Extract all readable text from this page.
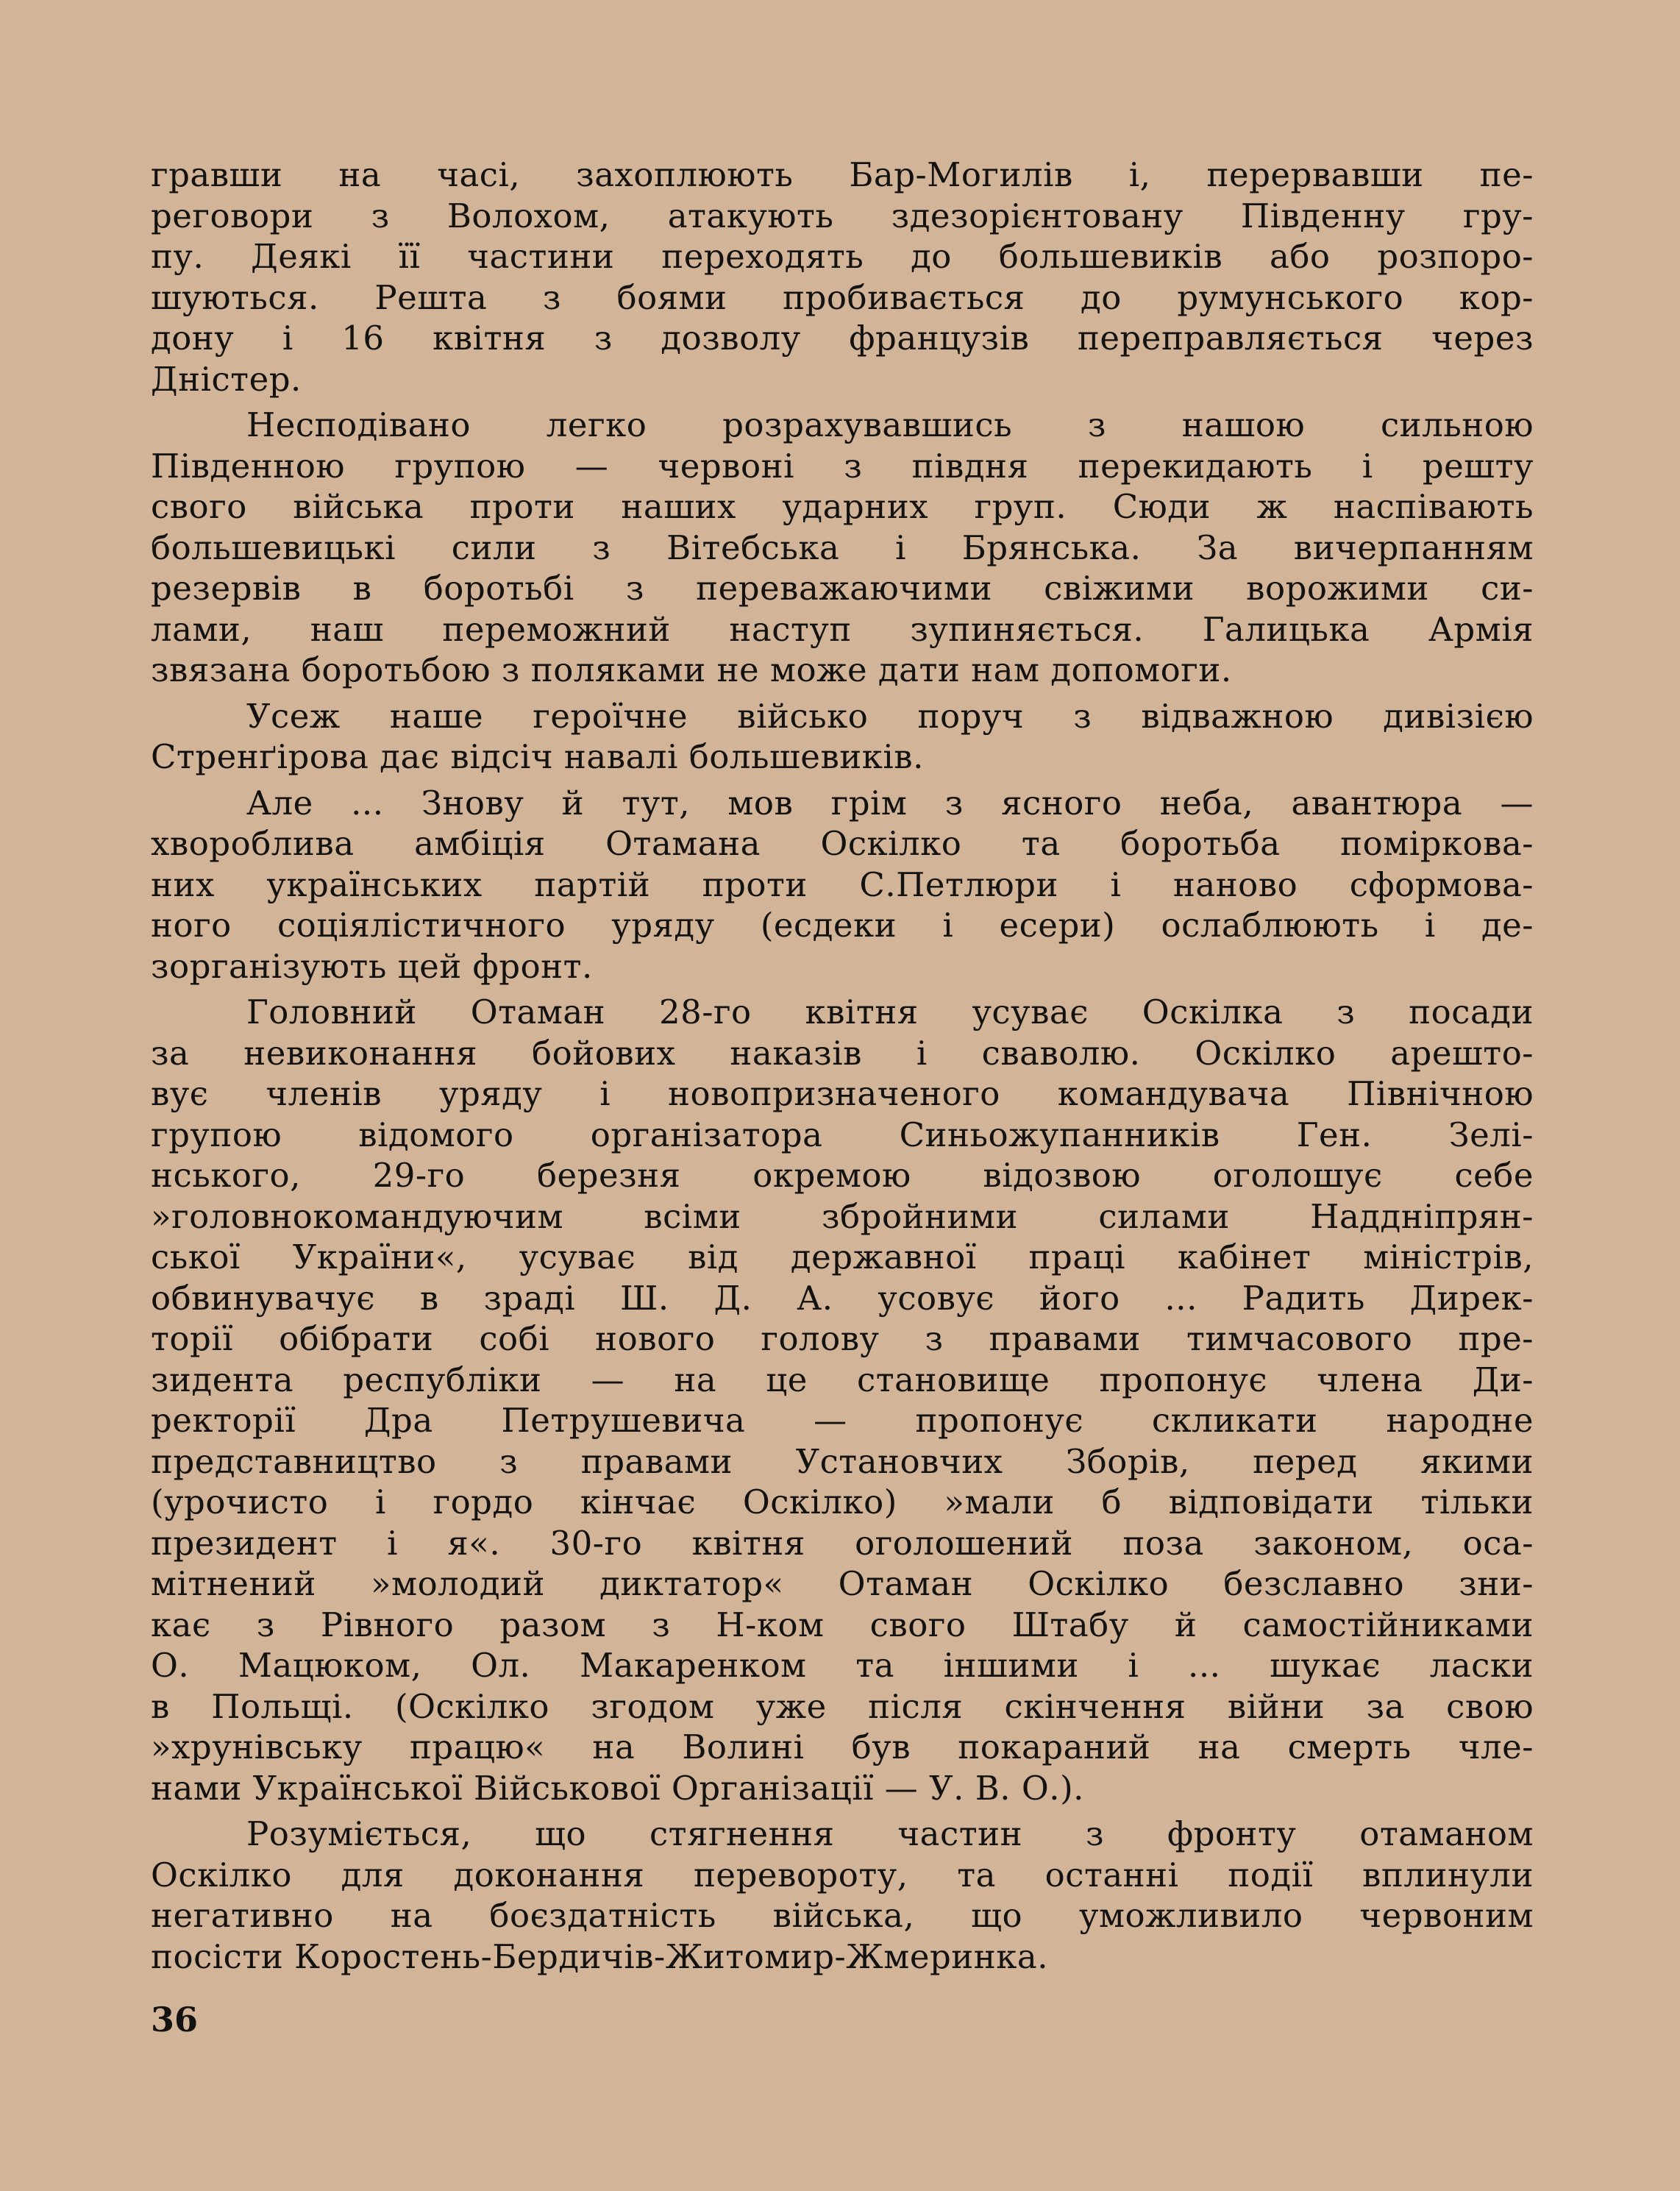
гравши на часі, захоплюють Бар-Могилів і, перервавши пе-
реговори з Волохом, атакують здезорієнтовану Південну гру-
пу. Деякі її частини переходять до большевиків або розпоро-
шуються. Решта з боями пробивається до румунського кор-
дону і 16 квітня з дозволу французів переправляється через
Дністер.
Несподівано легко розрахувавшись з нашою сильною
Південною групою — червоні з півдня перекидають і решту
свого війська проти наших ударних груп. Сюди ж наспівають
большевицькі сили з Вітебська і Брянська. За вичерпанням
резервів в боротьбі з переважаючими свіжими ворожими си-
лами, наш переможний наступ зупиняється. Галицька Армія
звязана боротьбою з поляками не може дати нам допомоги.
Усеж наше героїчне військо поруч з відважною дивізією
Стренґірова дає відсіч навалі большевиків.
Але ... Знову й тут, мов грім з ясного неба, авантюра —
хвороблива амбіція Отамана Оскілко та боротьба поміркова-
них українських партій проти С.Петлюри і наново сформова-
ного соціялістичного уряду (есдеки і есери) ослаблюють і де-
зорганізують цей фронт.
Головний Отаман 28-го квітня усуває Оскілка з посади
за невиконання бойових наказів і сваволю. Оскілко арешто-
вує членів уряду і новопризначеного командувача Північною
групою відомого організатора Синьожупанників Ген. Зелі-
нського, 29-го березня окремою відозвою оголошує себе
»головнокомандуючим всіми збройними силами Наддніпрян-
ської України«, усуває від державної праці кабінет міністрів,
обвинувачує в зраді Ш. Д. А. усовує його ... Радить Дирек-
торії обібрати собі нового голову з правами тимчасового пре-
зидента республіки — на це становище пропонує члена Ди-
ректорії Дра Петрушевича — пропонує скликати народне
представництво з правами Установчих Зборів, перед якими
(урочисто і гордо кінчає Оскілко) »мали б відповідати тільки
президент і я«. 30-го квітня оголошений поза законом, оса-
мітнений »молодий диктатор« Отаман Оскілко безславно зни-
кає з Рівного разом з Н-ком свого Штабу й самостійниками
О. Мацюком, Ол. Макаренком та іншими і ... шукає ласки
в Польщі. (Оскілко згодом уже після скінчення війни за свою
»хрунівську працю« на Волині був покараний на смерть чле-
нами Української Військової Організації — У. В. О.).
Розуміється, що стягнення частин з фронту отаманом
Оскілко для доконання перевороту, та останні події вплинули
негативно на боєздатність війська, що уможливило червоним
посісти Коростень-Бердичів-Житомир-Жмеринка.
36
